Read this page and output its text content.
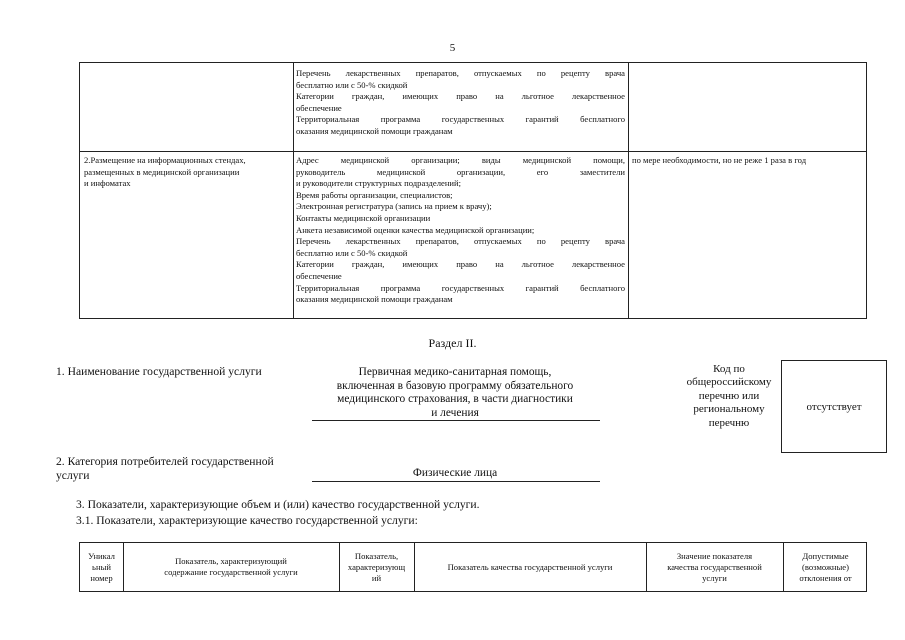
5
Перечень лекарственных препаратов, отпускаемых по рецепту врача
бесплатно или с 50-% скидкой
Категории граждан, имеющих право на льготное лекарственное
обеспечение
Территориальная программа государственных гарантий бесплатного
оказания медицинской помощи гражданам
2.Размещение на информационных стендах,
размещенных в медицинской организации
и инфоматах
Адрес медицинской организации; виды медицинской помощи,
руководитель медицинской организации, его заместители
и руководители структурных подразделений;
Время работы организации, специалистов;
Электронная регистратура (запись на прием к врачу);
Контакты медицинской организации
Анкета независимой оценки качества медицинской организации;
Перечень лекарственных препаратов, отпускаемых по рецепту врача
бесплатно или с 50-% скидкой
Категории граждан, имеющих право на льготное лекарственное
обеспечение
Территориальная программа государственных гарантий бесплатного
оказания медицинской помощи гражданам
по мере необходимости, но не реже 1 раза в год
Раздел II.
1. Наименование государственной услуги	Первичная медико-санитарная помощь,
включенная в базовую программу обязательного
медицинского страхования, в части диагностики
и лечения
Код по
общероссийскому
перечню или
региональному
перечню
отсутствует
2. Категория потребителей государственной
услуги	Физические лица
3. Показатели, характеризующие объем и (или) качество государственной услуги.
3.1. Показатели, характеризующие качество государственной услуги:
Уникал
ьный
номер
Показатель, характеризующий
содержание государственной услуги
Показатель,
характеризующ
ий
Показатель качества государственной услуги
Значение показателя
качества государственной
услуги
Допустимые
(возможные)
отклонения от
